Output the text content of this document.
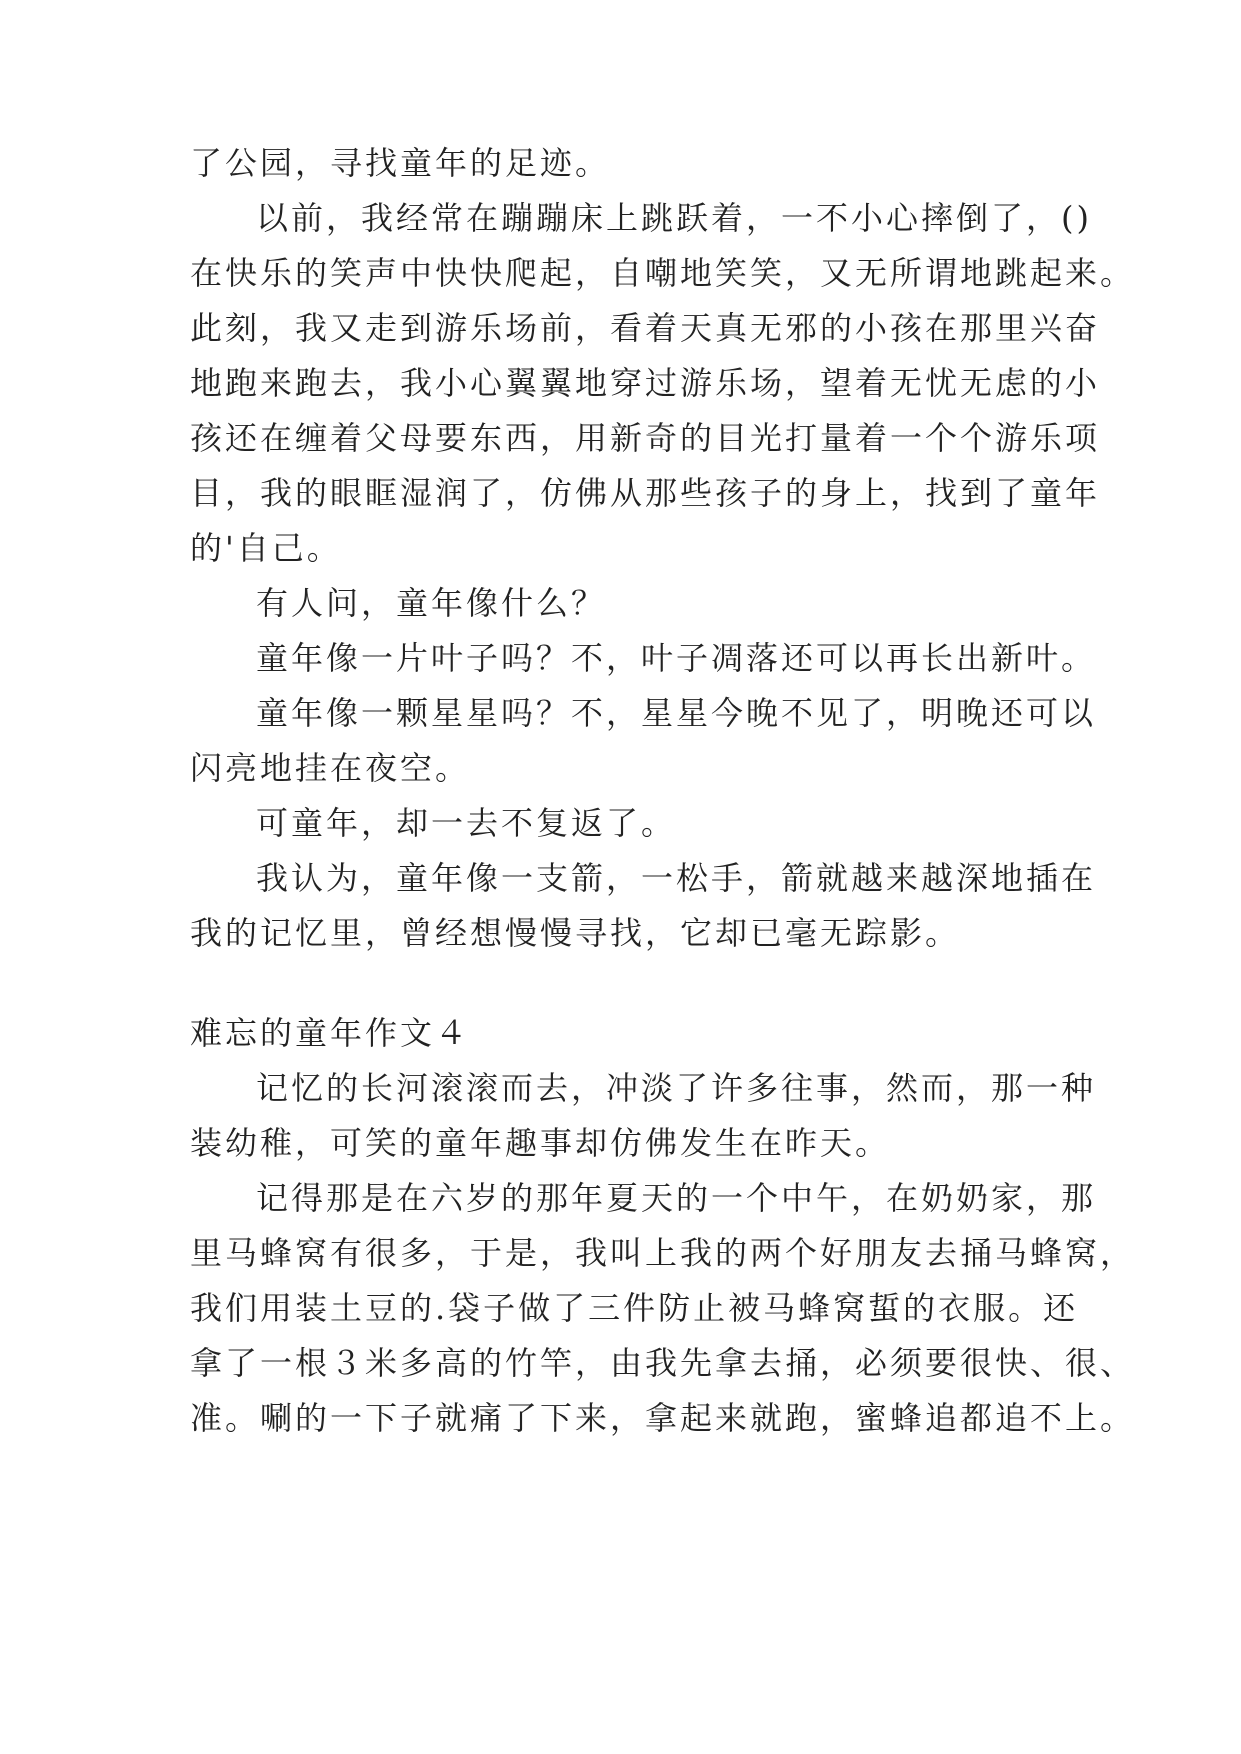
了公园，寻找童年的足迹。
以前，我经常在蹦蹦床上跳跃着，一不小心摔倒了，()
在快乐的笑声中快快爬起，自嘲地笑笑，又无所谓地跳起来。
此刻，我又走到游乐场前，看着天真无邪的小孩在那里兴奋
地跑来跑去，我小心翼翼地穿过游乐场，望着无忧无虑的小
孩还在缠着父母要东西，用新奇的目光打量着一个个游乐项
目，我的眼眶湿润了，仿佛从那些孩子的身上，找到了童年
的'自己。
有人问，童年像什么？
童年像一片叶子吗？不，叶子凋落还可以再长出新叶。
童年像一颗星星吗？不，星星今晚不见了，明晚还可以
闪亮地挂在夜空。
可童年，却一去不复返了。
我认为，童年像一支箭，一松手，箭就越来越深地插在
我的记忆里，曾经想慢慢寻找，它却已毫无踪影。
难忘的童年作文４
记忆的长河滚滚而去，冲淡了许多往事，然而，那一种
装幼稚，可笑的童年趣事却仿佛发生在昨天。
记得那是在六岁的那年夏天的一个中午，在奶奶家，那
里马蜂窝有很多，于是，我叫上我的两个好朋友去捅马蜂窝，
我们用装土豆的.袋子做了三件防止被马蜂窝蜇的衣服。还
拿了一根３米多高的竹竿，由我先拿去捅，必须要很快、很、
准。唰的一下子就痛了下来，拿起来就跑，蜜蜂追都追不上。
